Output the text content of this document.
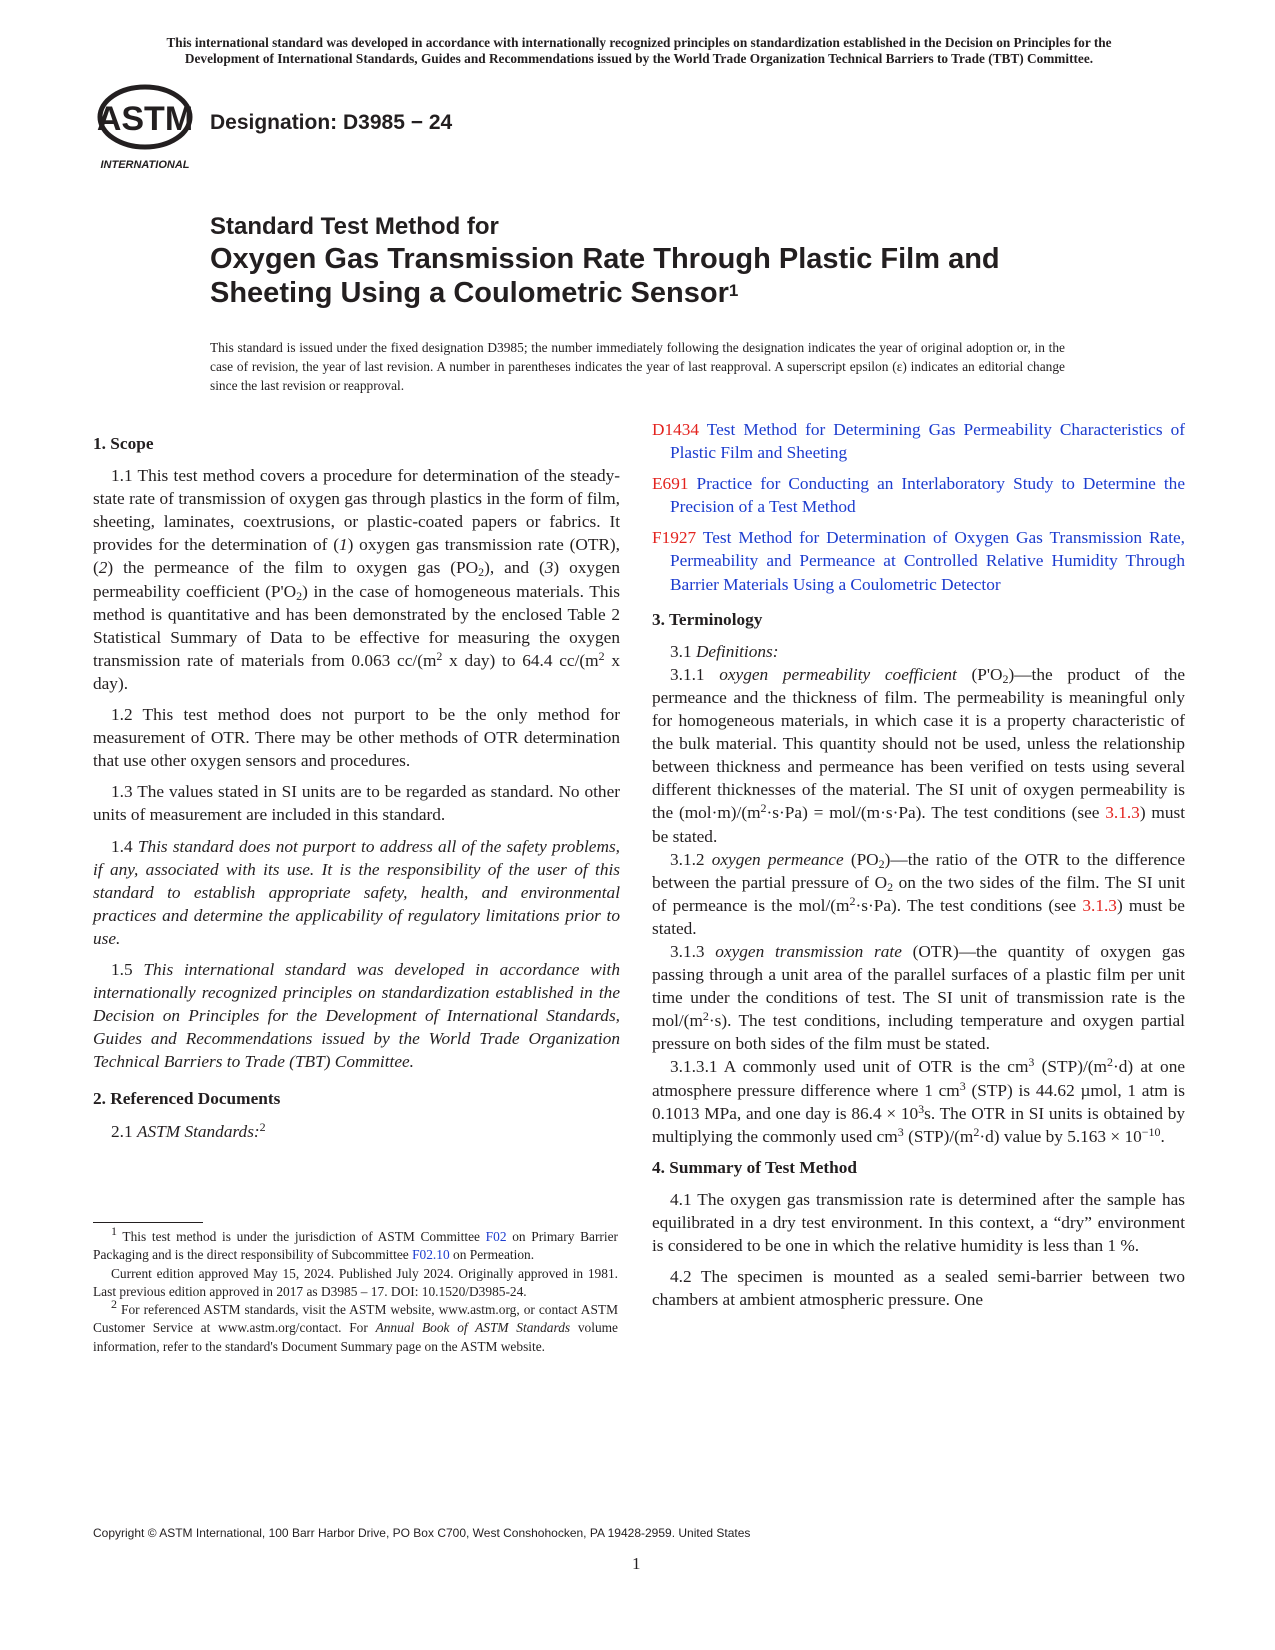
This international standard was developed in accordance with internationally recognized principles on standardization established in the Decision on Principles for the
Development of International Standards, Guides and Recommendations issued by the World Trade Organization Technical Barriers to Trade (TBT) Committee.
ASTM
INTERNATIONAL
Designation: D3985 − 24
Standard Test Method for
Oxygen Gas Transmission Rate Through Plastic Film and
Sheeting Using a Coulometric Sensor$^1$
This standard is issued under the fixed designation D3985; the number immediately following the designation indicates the year of original adoption or, in the case of revision, the year of last revision. A number in parentheses indicates the year of last reapproval. A superscript epsilon (ε) indicates an editorial change since the last revision or reapproval.
1. Scope

1.1 This test method covers a procedure for determination of the steady-state rate of transmission of oxygen gas through plastics in the form of film, sheeting, laminates, coextrusions, or plastic-coated papers or fabrics. It provides for the determination of (1) oxygen gas transmission rate (OTR), (2) the permeance of the film to oxygen gas $(PO_2)$, and (3) oxygen permeability coefficient $(P'O_2)$ in the case of homogeneous materials. This method is quantitative and has been demonstrated by the enclosed Table 2 Statistical Summary of Data to be effective for measuring the oxygen transmission rate of materials from 0.063 $cc/(m^2$ x day) to 64.4 $cc/(m^2$ x day).

1.2 This test method does not purport to be the only method for measurement of OTR. There may be other methods of OTR determination that use other oxygen sensors and procedures.

1.3 The values stated in SI units are to be regarded as standard. No other units of measurement are included in this standard.

1.4 This standard does not purport to address all of the safety problems, if any, associated with its use. It is the responsibility of the user of this standard to establish appropriate safety, health, and environmental practices and determine the applicability of regulatory limitations prior to use.

1.5 This international standard was developed in accordance with internationally recognized principles on standardization established in the Decision on Principles for the Development of International Standards, Guides and Recommendations issued by the World Trade Organization Technical Barriers to Trade (TBT) Committee.

2. Referenced Documents

2.1 ASTM Standards:$^2$

$^1$ This test method is under the jurisdiction of ASTM Committee F02 on Primary Barrier Packaging and is the direct responsibility of Subcommittee F02.10 on Permeation.

Current edition approved May 15, 2024. Published July 2024. Originally approved in 1981. Last previous edition approved in 2017 as D3985 – 17. DOI: 10.1520/D3985-24.

$^2$ For referenced ASTM standards, visit the ASTM website, www.astm.org, or contact ASTM Customer Service at www.astm.org/contact. For Annual Book of ASTM Standards volume information, refer to the standard's Document Summary page on the ASTM website.

D1434 Test Method for Determining Gas Permeability Characteristics of Plastic Film and Sheeting

E691 Practice for Conducting an Interlaboratory Study to Determine the Precision of a Test Method

F1927 Test Method for Determination of Oxygen Gas Transmission Rate, Permeability and Permeance at Controlled Relative Humidity Through Barrier Materials Using a Coulometric Detector

3. Terminology

3.1 Definitions:

3.1.1 oxygen permeability coefficient $(P'O_2)—the$ product of the permeance and the thickness of film. The permeability is meaningful only for homogeneous materials, in which case it is a property characteristic of the bulk material. This quantity should not be used, unless the relationship between thickness and permeance has been verified on tests using several different thicknesses of the material. The SI unit of oxygen permeability is the $(mol\cdot m)/(m^2\cdot s\cdot Pa) = mol/(m\cdot s\cdot Pa)$. The test conditions (see 3.1.3) must be stated.

3.1.2 oxygen permeance $(PO_2)—the$ ratio of the OTR to the difference between the partial pressure of $O_2$ on the two sides of the film. The SI unit of permeance is the mol/$(m^2\cdot s\cdot Pa)$. The test conditions (see 3.1.3) must be stated.

3.1.3 oxygen transmission rate (OTR)—the quantity of oxygen gas passing through a unit area of the parallel surfaces of a plastic film per unit time under the conditions of test. The SI unit of transmission rate is the mol/$(m^2\cdot s)$. The test conditions, including temperature and oxygen partial pressure on both sides of the film must be stated.

3.1.3.1 A commonly used unit of OTR is the $cm^3$ $(STP)/(m^2\cdot d)$ at one atmosphere pressure difference where 1 $cm^3$ (STP) is 44.62 µmol, 1 atm is 0.1013 MPa, and one day is $86.4 \times 10^3s$. The OTR in SI units is obtained by multiplying the commonly used $cm^3$ $(STP)/(m^2\cdot d)$ value by $5.163 \times 10^{-10}$.

4. Summary of Test Method

4.1 The oxygen gas transmission rate is determined after the sample has equilibrated in a dry test environment. In this context, a “dry” environment is considered to be one in which the relative humidity is less than 1 %.

4.2 The specimen is mounted as a sealed semi-barrier between two chambers at ambient atmospheric pressure. One

Copyright © ASTM International, 100 Barr Harbor Drive, PO Box C700, West Conshohocken, PA 19428-2959. United States
1
